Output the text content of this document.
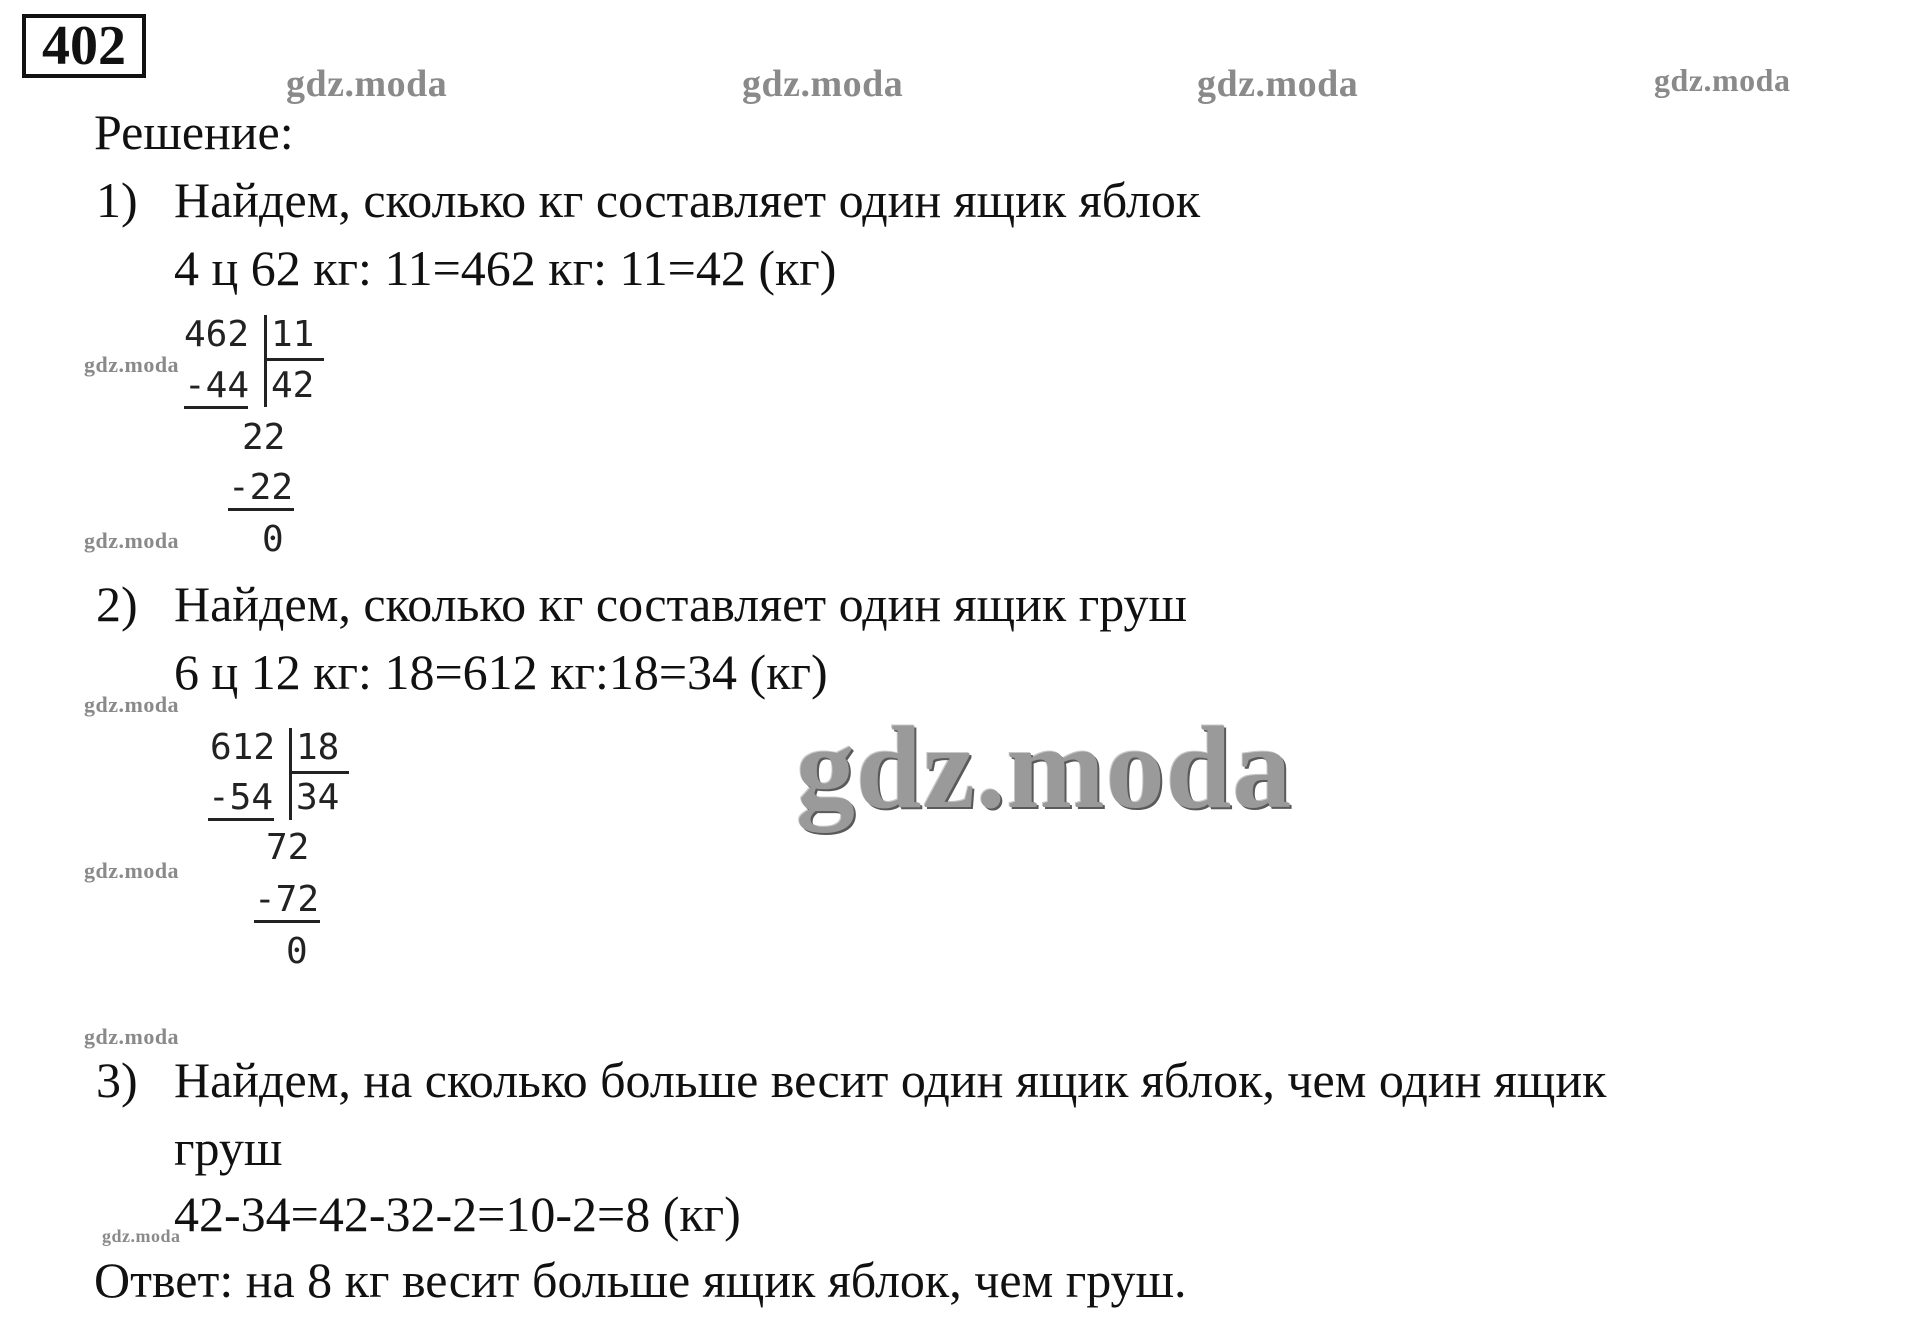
402
gdz.moda	gdz.moda	gdz.moda	gdz.moda
Решение:
1) Найдем, сколько кг составляет один ящик яблок
4 ц 62 кг: 11=462 кг: 11=42 (кг)
462 11
-44 42
22
-22
0
gdz.moda
gdz.moda
2) Найдем, сколько кг составляет один ящик груш
6 ц 12 кг: 18=612 кг:18=34 (кг)
gdz.moda
612 18
-54 34
72
-72
0
gdz.moda
gdz.moda
gdz.moda
3) Найдем, на сколько больше весит один ящик яблок, чем один ящик
груш
42-34=42-32-2=10-2=8 (кг)
gdz.moda
Ответ: на 8 кг весит больше ящик яблок, чем груш.
